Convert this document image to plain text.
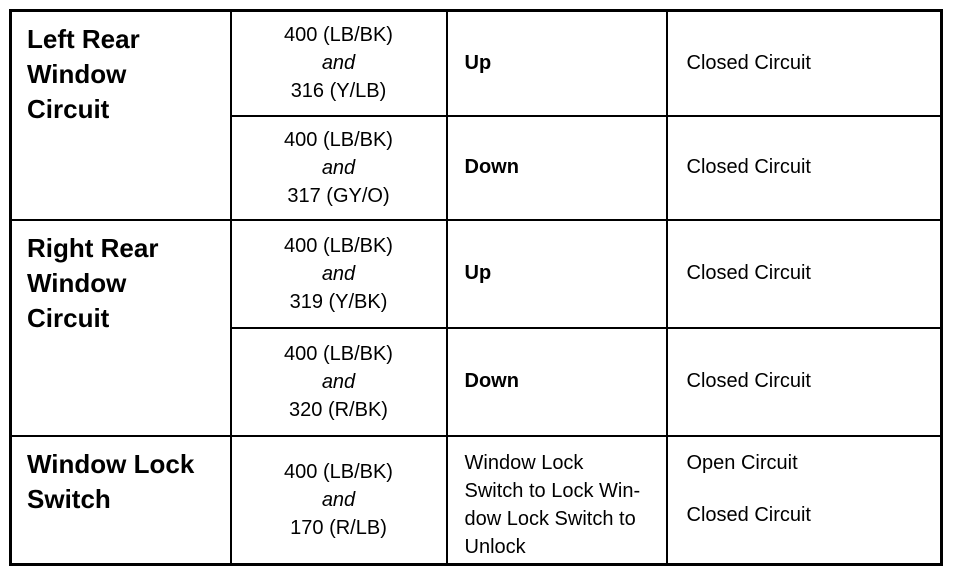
Left Rear
Window
Circuit	400 (LB/BK)
and
316 (Y/LB)	Up	Closed Circuit

	400 (LB/BK)
and
317 (GY/O)	Down	Closed Circuit
Right Rear
Window
Circuit	400 (LB/BK)
and
319 (Y/BK)	Up	Closed Circuit

	400 (LB/BK)
and
320 (R/BK)	Down	Closed Circuit
Window Lock
Switch	400 (LB/BK)
and
170 (R/LB)	Window Lock
Switch to Lock Win-
dow Lock Switch to
Unlock	Open Circuit
Closed Circuit
